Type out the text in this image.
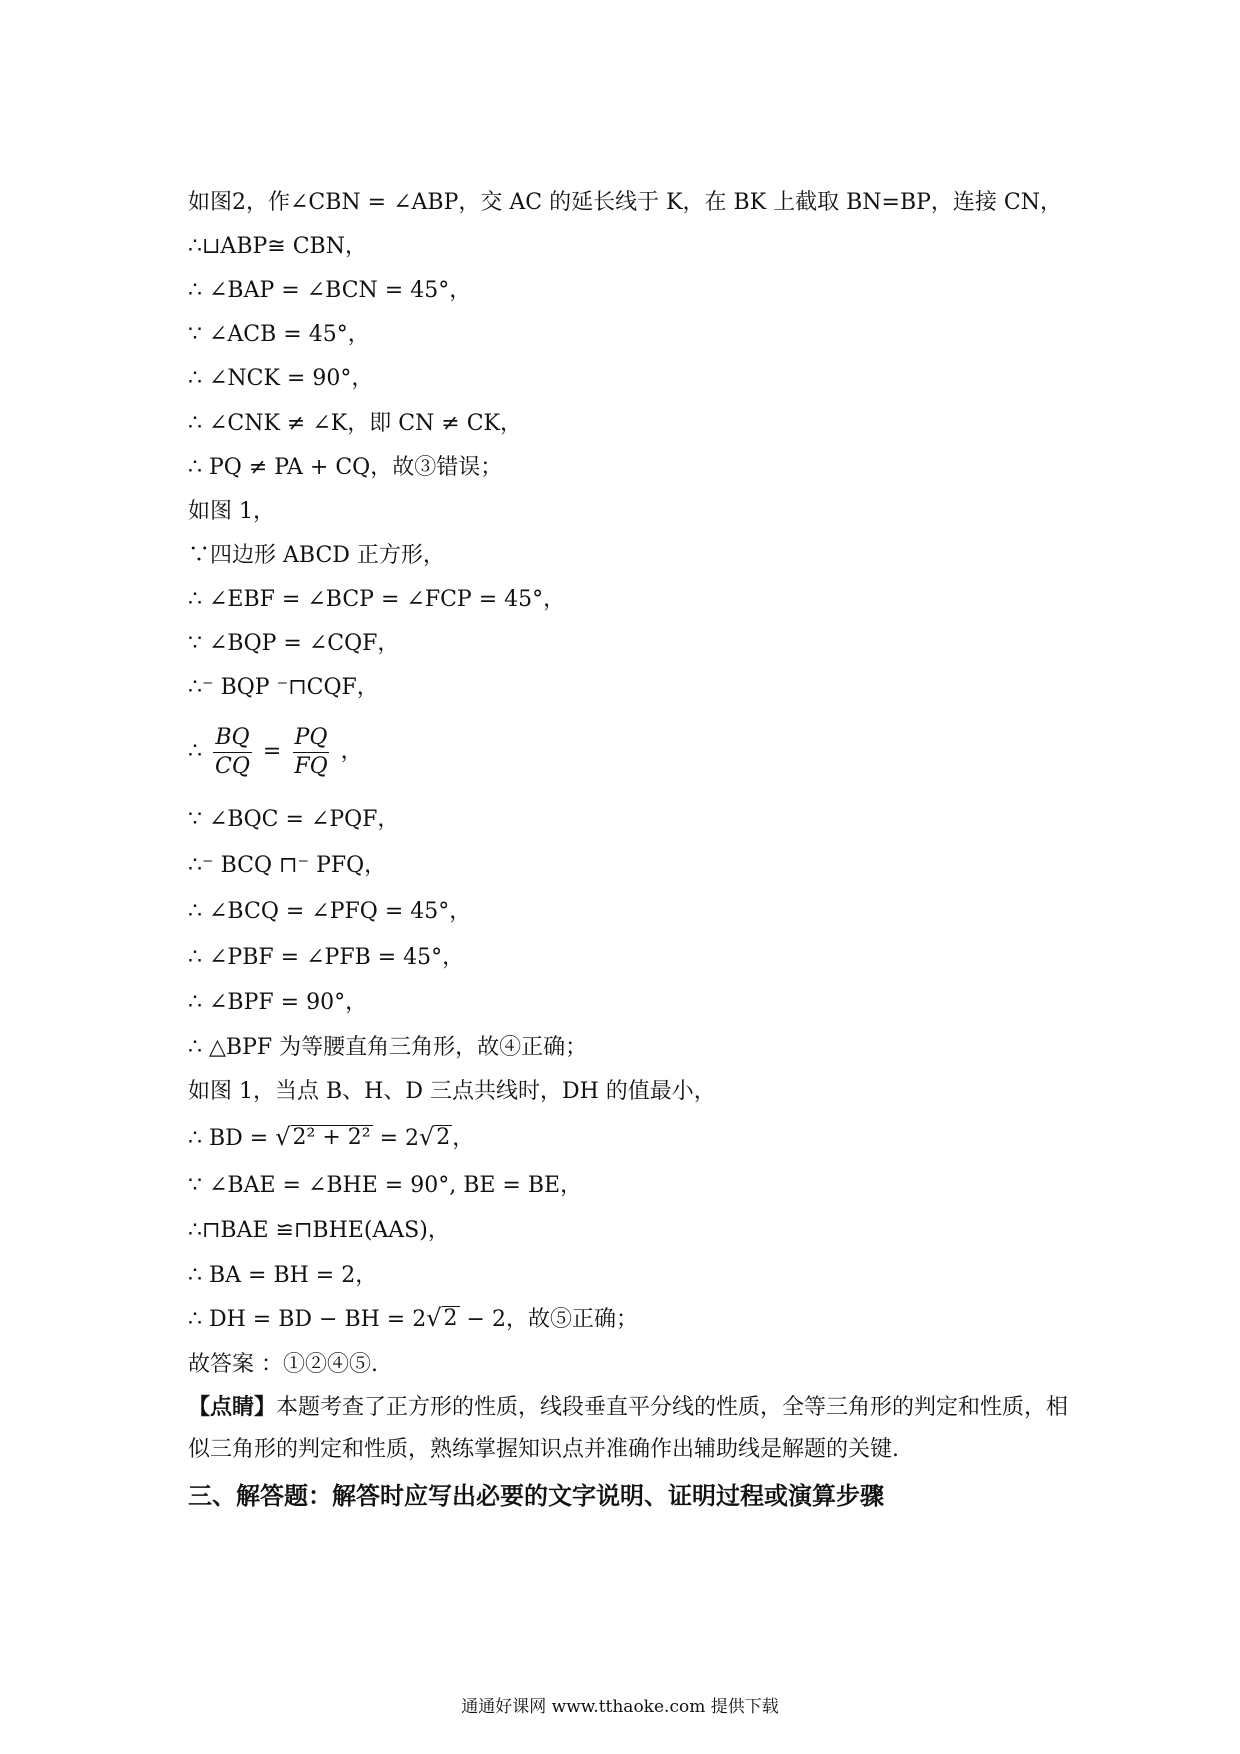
如图2，作∠CBN = ∠ABP，交 AC 的延长线于 K，在 BK 上截取 BN=BP，连接 CN，
∴⊔ABP≅ CBN，
∴ ∠BAP = ∠BCN = 45°，
∵ ∠ACB = 45°，
∴ ∠NCK = 90°，
∴ ∠CNK ≠ ∠K，即 CN ≠ CK，
∴ PQ ≠ PA + CQ，故③错误；
如图 1，
∵四边形 ABCD 正方形，
∴ ∠EBF = ∠BCP = ∠FCP = 45°，
∵ ∠BQP = ∠CQF，
∴⁻ BQP ⁻⊓CQF，
∴ $\frac{BQ}{CQ} = \frac{PQ}{FQ}$ ，
∵ ∠BQC = ∠PQF，
∴⁻ BCQ ⊓⁻ PFQ，
∴ ∠BCQ = ∠PFQ = 45°，
∴ ∠PBF = ∠PFB = 45°，
∴ ∠BPF = 90°，
∴ △BPF 为等腰直角三角形，故④正确；
如图 1，当点 B、H、D 三点共线时，DH 的值最小，
∴ BD = √ 2² + 2² = 2 √ 2 ，
∵ ∠BAE = ∠BHE = 90°, BE = BE，
∴⊓BAE ≌⊓BHE(AAS)，
∴ BA = BH = 2，
∴ DH = BD − BH = 2 √ 2 − 2，故⑤正确；
故答案 ：①②④⑤.
【点睛】本题考查了正方形的性质，线段垂直平分线的性质，全等三角形的判定和性质，相
似三角形的判定和性质，熟练掌握知识点并准确作出辅助线是解题的关键.
三、解答题：解答时应写出必要的文字说明、证明过程或演算步骤
通通好课网 www.tthaoke.com 提供下载
